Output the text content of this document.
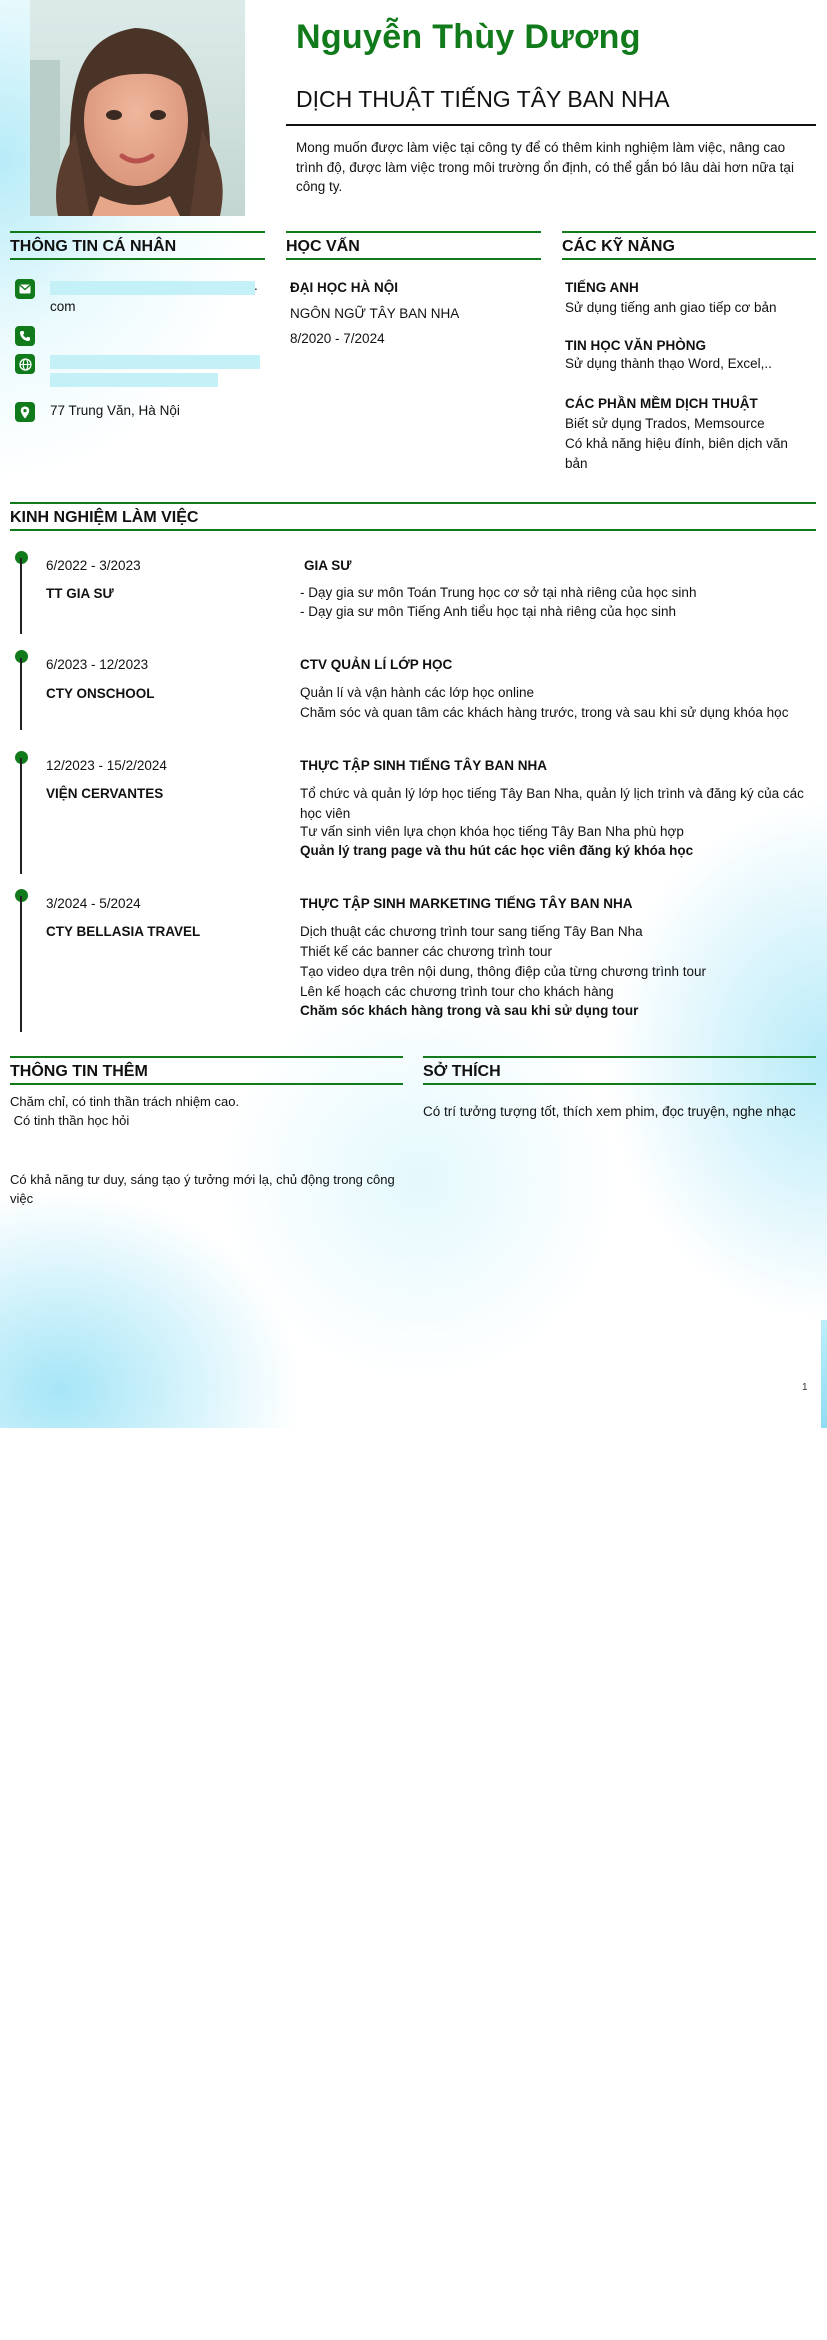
Nguyễn Thùy Dương
DỊCH THUẬT TIẾNG TÂY BAN NHA
Mong muốn được làm việc tại công ty để có thêm kinh nghiệm làm việc, nâng cao trình độ, được làm việc trong môi trường ổn định, có thể gắn bó lâu dài hơn nữa tại công ty.
THÔNG TIN CÁ NHÂN
.
com
77 Trung Văn, Hà Nội
HỌC VẤN
ĐẠI HỌC HÀ NỘI
NGÔN NGỮ TÂY BAN NHA
8/2020 - 7/2024
CÁC KỸ NĂNG
TIẾNG ANH
Sử dụng tiếng anh giao tiếp cơ bản
TIN HỌC VĂN PHÒNG
Sử dụng thành thạo Word, Excel,..
CÁC PHẦN MỀM DỊCH THUẬT
Biết sử dụng Trados, Memsource
Có khả năng hiệu đính, biên dịch văn
bản
KINH NGHIỆM LÀM VIỆC
6/2022 - 3/2023
TT GIA SƯ
GIA SƯ
- Dạy gia sư môn Toán Trung học cơ sở tại nhà riêng của học sinh
- Dạy gia sư môn Tiếng Anh tiểu học tại nhà riêng của học sinh
6/2023 - 12/2023
CTY ONSCHOOL
CTV QUẢN LÍ LỚP HỌC
Quản lí và vận hành các lớp học online
Chăm sóc và quan tâm các khách hàng trước, trong và sau khi sử dụng khóa học
12/2023 - 15/2/2024
VIỆN CERVANTES
THỰC TẬP SINH TIẾNG TÂY BAN NHA
Tổ chức và quản lý lớp học tiếng Tây Ban Nha, quản lý lịch trình và đăng ký của các học viên
Tư vấn sinh viên lựa chọn khóa học tiếng Tây Ban Nha phù hợp
Quản lý trang page và thu hút các học viên đăng ký khóa học
3/2024 - 5/2024
CTY BELLASIA TRAVEL
THỰC TẬP SINH MARKETING TIẾNG TÂY BAN NHA
Dịch thuật các chương trình tour sang tiếng Tây Ban Nha
Thiết kế các banner các chương trình tour
Tạo video dựa trên nội dung, thông điệp của từng chương trình tour
Lên kế hoạch các chương trình tour cho khách hàng
Chăm sóc khách hàng trong và sau khi sử dụng tour
THÔNG TIN THÊM
Chăm chỉ, có tinh thần trách nhiệm cao.
Có tinh thần học hỏi
Có khả năng tư duy, sáng tạo ý tưởng mới lạ, chủ động trong công việc
SỞ THÍCH
Có trí tưởng tượng tốt, thích xem phim, đọc truyện, nghe nhạc
1
